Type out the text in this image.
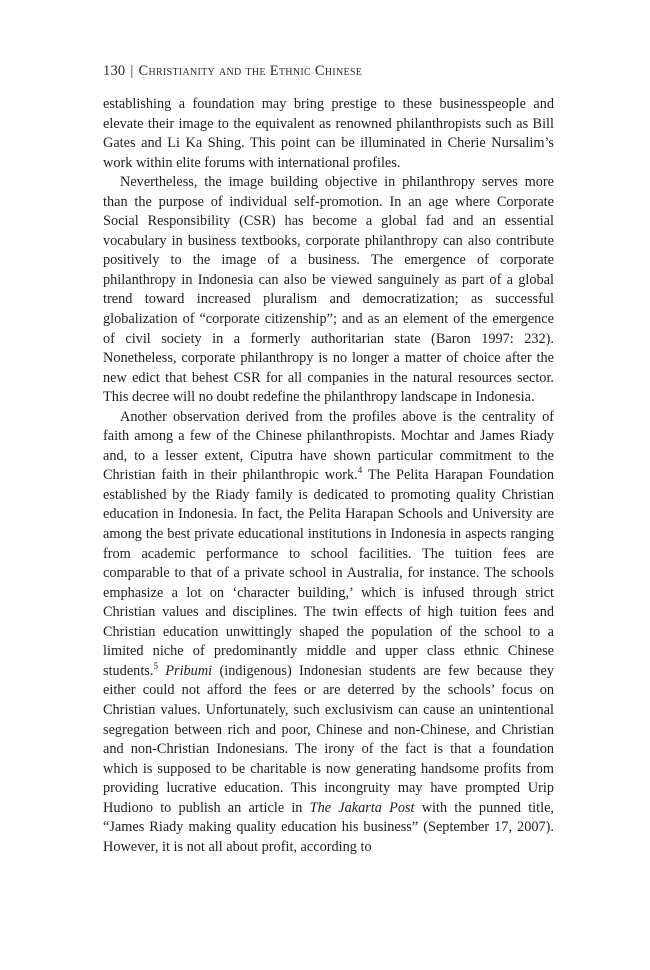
130 | Christianity and the Ethnic Chinese

establishing a foundation may bring prestige to these businesspeople and elevate their image to the equivalent as renowned philanthropists such as Bill Gates and Li Ka Shing. This point can be illuminated in Cherie Nursalim’s work within elite forums with international profiles.

Nevertheless, the image building objective in philanthropy serves more than the purpose of individual self-promotion. In an age where Corporate Social Responsibility (CSR) has become a global fad and an essential vocabulary in business textbooks, corporate philanthropy can also contribute positively to the image of a business. The emergence of corporate philanthropy in Indonesia can also be viewed sanguinely as part of a global trend toward increased pluralism and democratization; as successful globalization of “corporate citizenship”; and as an element of the emergence of civil society in a formerly authoritarian state (Baron 1997: 232). Nonetheless, corporate philanthropy is no longer a matter of choice after the new edict that behest CSR for all companies in the natural resources sector. This decree will no doubt redefine the philanthropy landscape in Indonesia.

Another observation derived from the profiles above is the centrality of faith among a few of the Chinese philanthropists. Mochtar and James Riady and, to a lesser extent, Ciputra have shown particular commitment to the Christian faith in their philanthropic work.$^4$ The Pelita Harapan Foundation established by the Riady family is dedicated to promoting quality Christian education in Indonesia. In fact, the Pelita Harapan Schools and University are among the best private educational institutions in Indonesia in aspects ranging from academic performance to school facilities. The tuition fees are comparable to that of a private school in Australia, for instance. The schools emphasize a lot on ‘character building,’ which is infused through strict Christian values and disciplines. The twin effects of high tuition fees and Christian education unwittingly shaped the population of the school to a limited niche of predominantly middle and upper class ethnic Chinese students.$^5$ Pribumi (indigenous) Indonesian students are few because they either could not afford the fees or are deterred by the schools’ focus on Christian values. Unfortunately, such exclusivism can cause an unintentional segregation between rich and poor, Chinese and non-Chinese, and Christian and non-Christian Indonesians. The irony of the fact is that a foundation which is supposed to be charitable is now generating handsome profits from providing lucrative education. This incongruity may have prompted Urip Hudiono to publish an article in The Jakarta Post with the punned title, “James Riady making quality education his business” (September 17, 2007). However, it is not all about profit, according to
